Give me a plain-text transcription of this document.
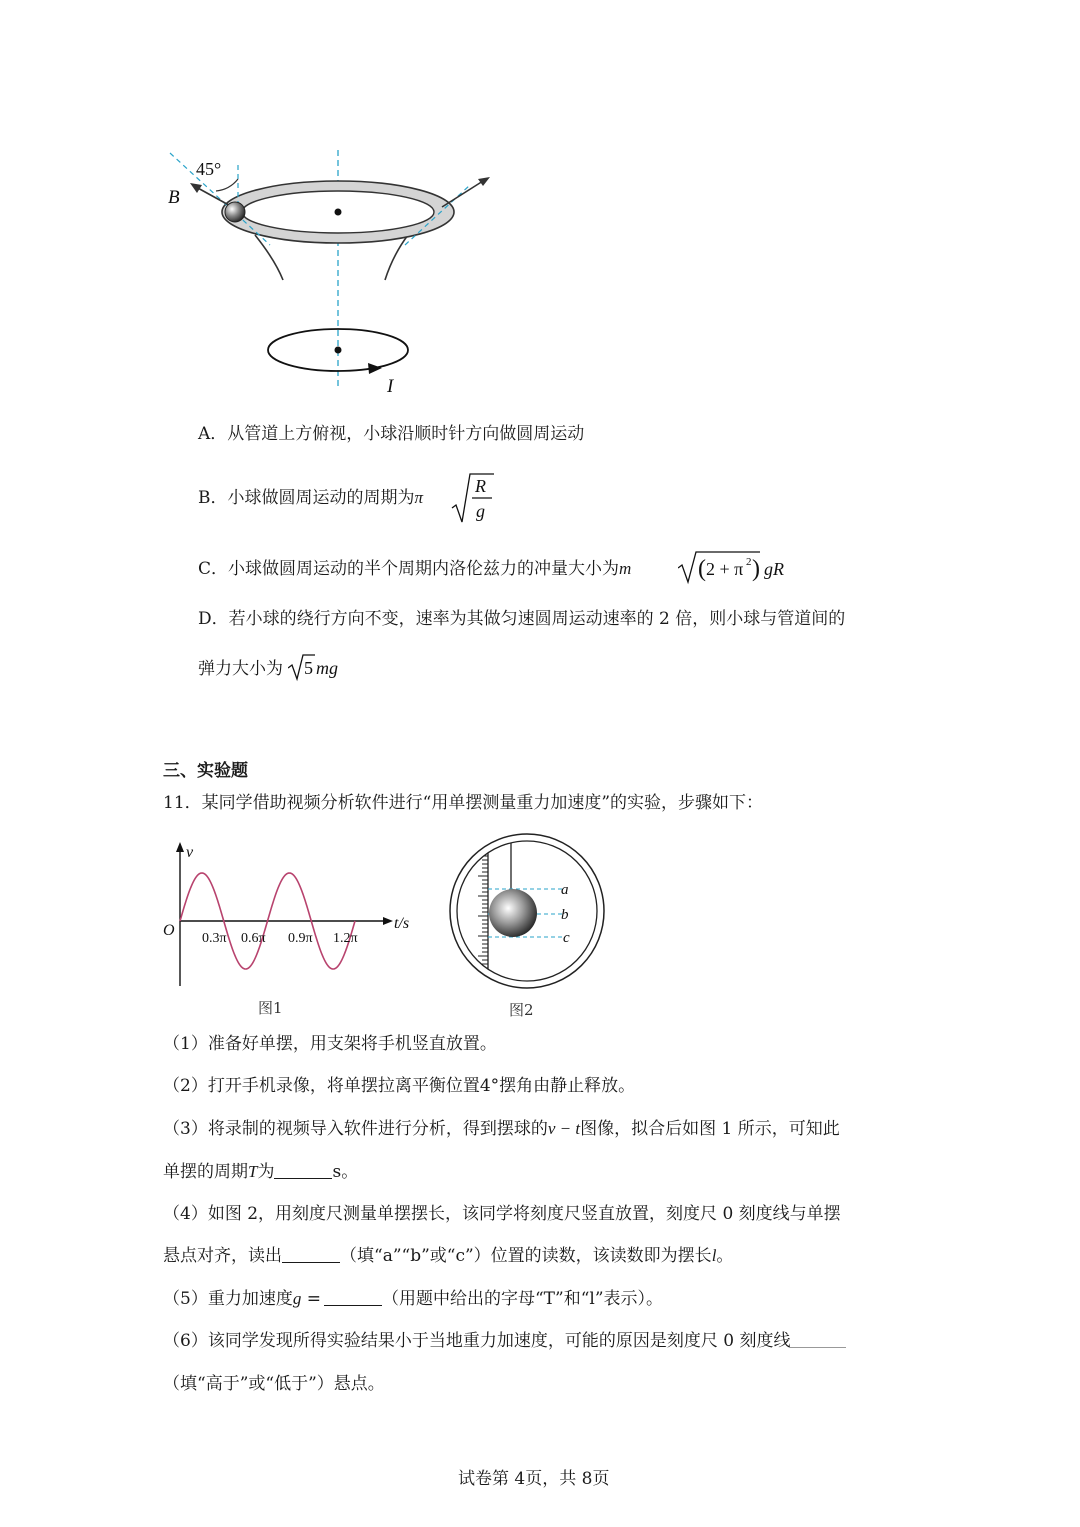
45°
B
I
A．从管道上方俯视，小球沿顺时针方向做圆周运动
B．小球做圆周运动的周期为π
R
g
C．小球做圆周运动的半个周期内洛伦兹力的冲量大小为m	( 2 + π 2 ) gR
D．若小球的绕行方向不变，速率为其做匀速圆周运动速率的 2 倍，则小球与管道间的
弹力大小为 5 mg
三、实验题
11．某同学借助视频分析软件进行“用单摆测量重力加速度”的实验，步骤如下：
v
t/s
O 0.3π 0.6π 0.9π 1.2π
图1
a
b
c
图2
（1）准备好单摆，用支架将手机竖直放置。
（2）打开手机录像，将单摆拉离平衡位置4°摆角由静止释放。
（3）将录制的视频导入软件进行分析，得到摆球的v − t图像，拟合后如图 1 所示，可知此
单摆的周期T为	s。
（4）如图 2，用刻度尺测量单摆摆长，该同学将刻度尺竖直放置，刻度尺 0 刻度线与单摆
悬点对齐，读出	（填“a”“b”或“c”）位置的读数，该读数即为摆长l。
（5）重力加速度g =	（用题中给出的字母“T”和“l”表示）。
（6）该同学发现所得实验结果小于当地重力加速度，可能的原因是刻度尺 0 刻度线
（填“高于”或“低于”）悬点。
试卷第 4页，共 8页
